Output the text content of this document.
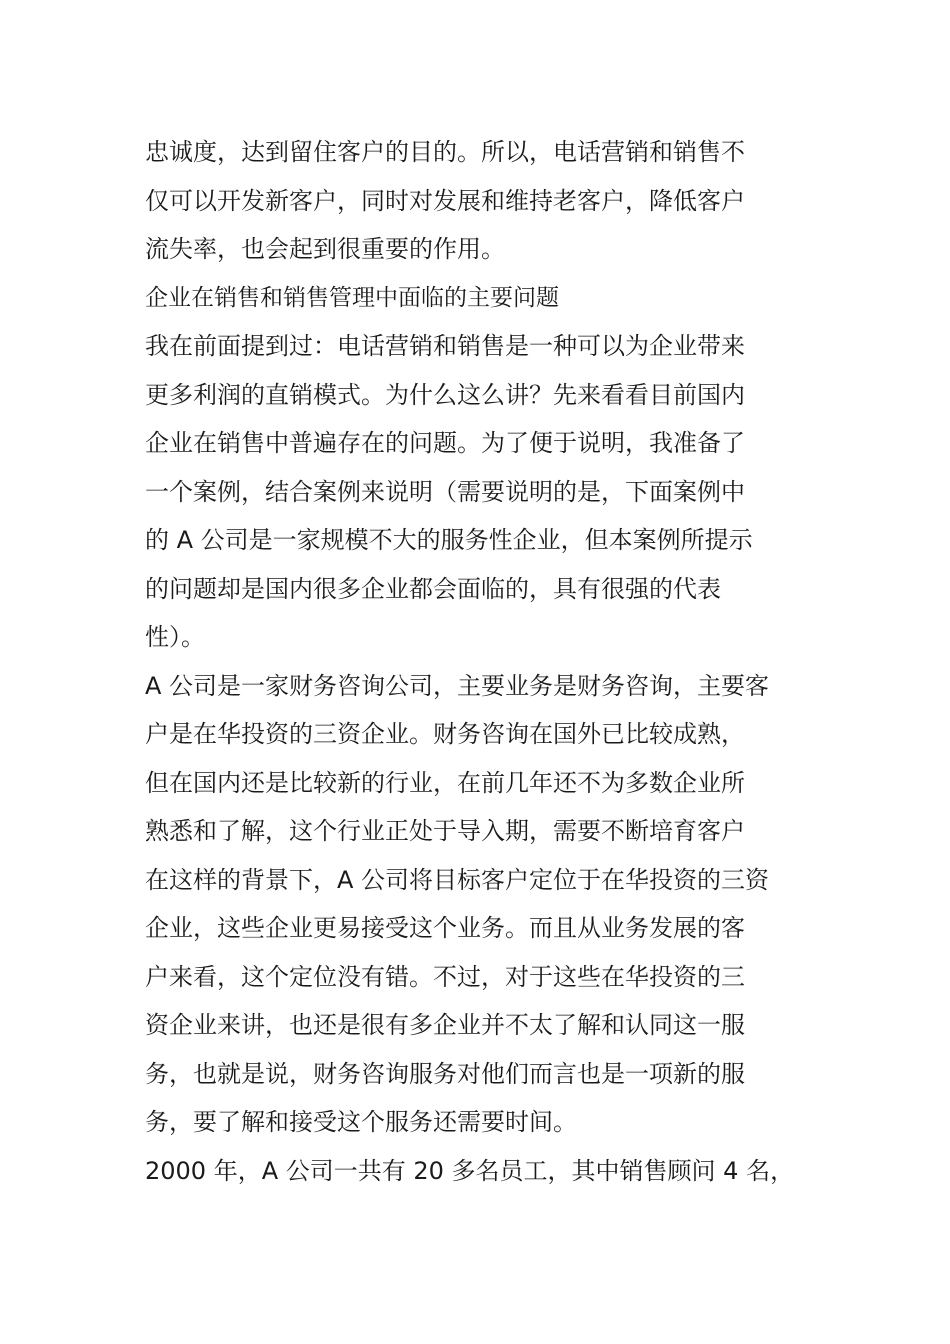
忠诚度，达到留住客户的目的。所以，电话营销和销售不
仅可以开发新客户，同时对发展和维持老客户，降低客户
流失率，也会起到很重要的作用。

企业在销售和销售管理中面临的主要问题

我在前面提到过：电话营销和销售是一种可以为企业带来
更多利润的直销模式。为什么这么讲？先来看看目前国内
企业在销售中普遍存在的问题。为了便于说明，我准备了
一个案例，结合案例来说明（需要说明的是，下面案例中
的 A 公司是一家规模不大的服务性企业，但本案例所提示
的问题却是国内很多企业都会面临的，具有很强的代表
性）。

A 公司是一家财务咨询公司，主要业务是财务咨询，主要客
户是在华投资的三资企业。财务咨询在国外已比较成熟，
但在国内还是比较新的行业，在前几年还不为多数企业所
熟悉和了解，这个行业正处于导入期，需要不断培育客户
在这样的背景下，A 公司将目标客户定位于在华投资的三资
企业，这些企业更易接受这个业务。而且从业务发展的客
户来看，这个定位没有错。不过，对于这些在华投资的三
资企业来讲，也还是很有多企业并不太了解和认同这一服
务，也就是说，财务咨询服务对他们而言也是一项新的服
务，要了解和接受这个服务还需要时间。

2000 年，A 公司一共有 20 多名员工，其中销售顾问 4 名，
